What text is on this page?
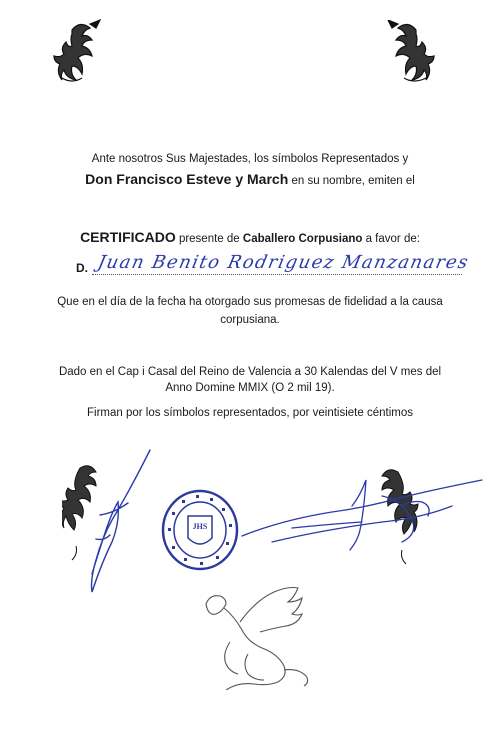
Ante nosotros Sus Majestades, los símbolos Representados y
Don Francisco Esteve y March en su nombre, emiten el
CERTIFICADO presente de Caballero Corpusiano a favor de:
D. Juan Benito Rodriguez Manzanares
Que en el día de la fecha ha otorgado sus promesas de fidelidad a la causa
corpusiana.
Dado en el Cap i Casal del Reino de Valencia a 30 Kalendas del V mes del
Anno Domine MMIX (O 2 mil 19).
Firman por los símbolos representados, por veintisiete céntimos
JHS
